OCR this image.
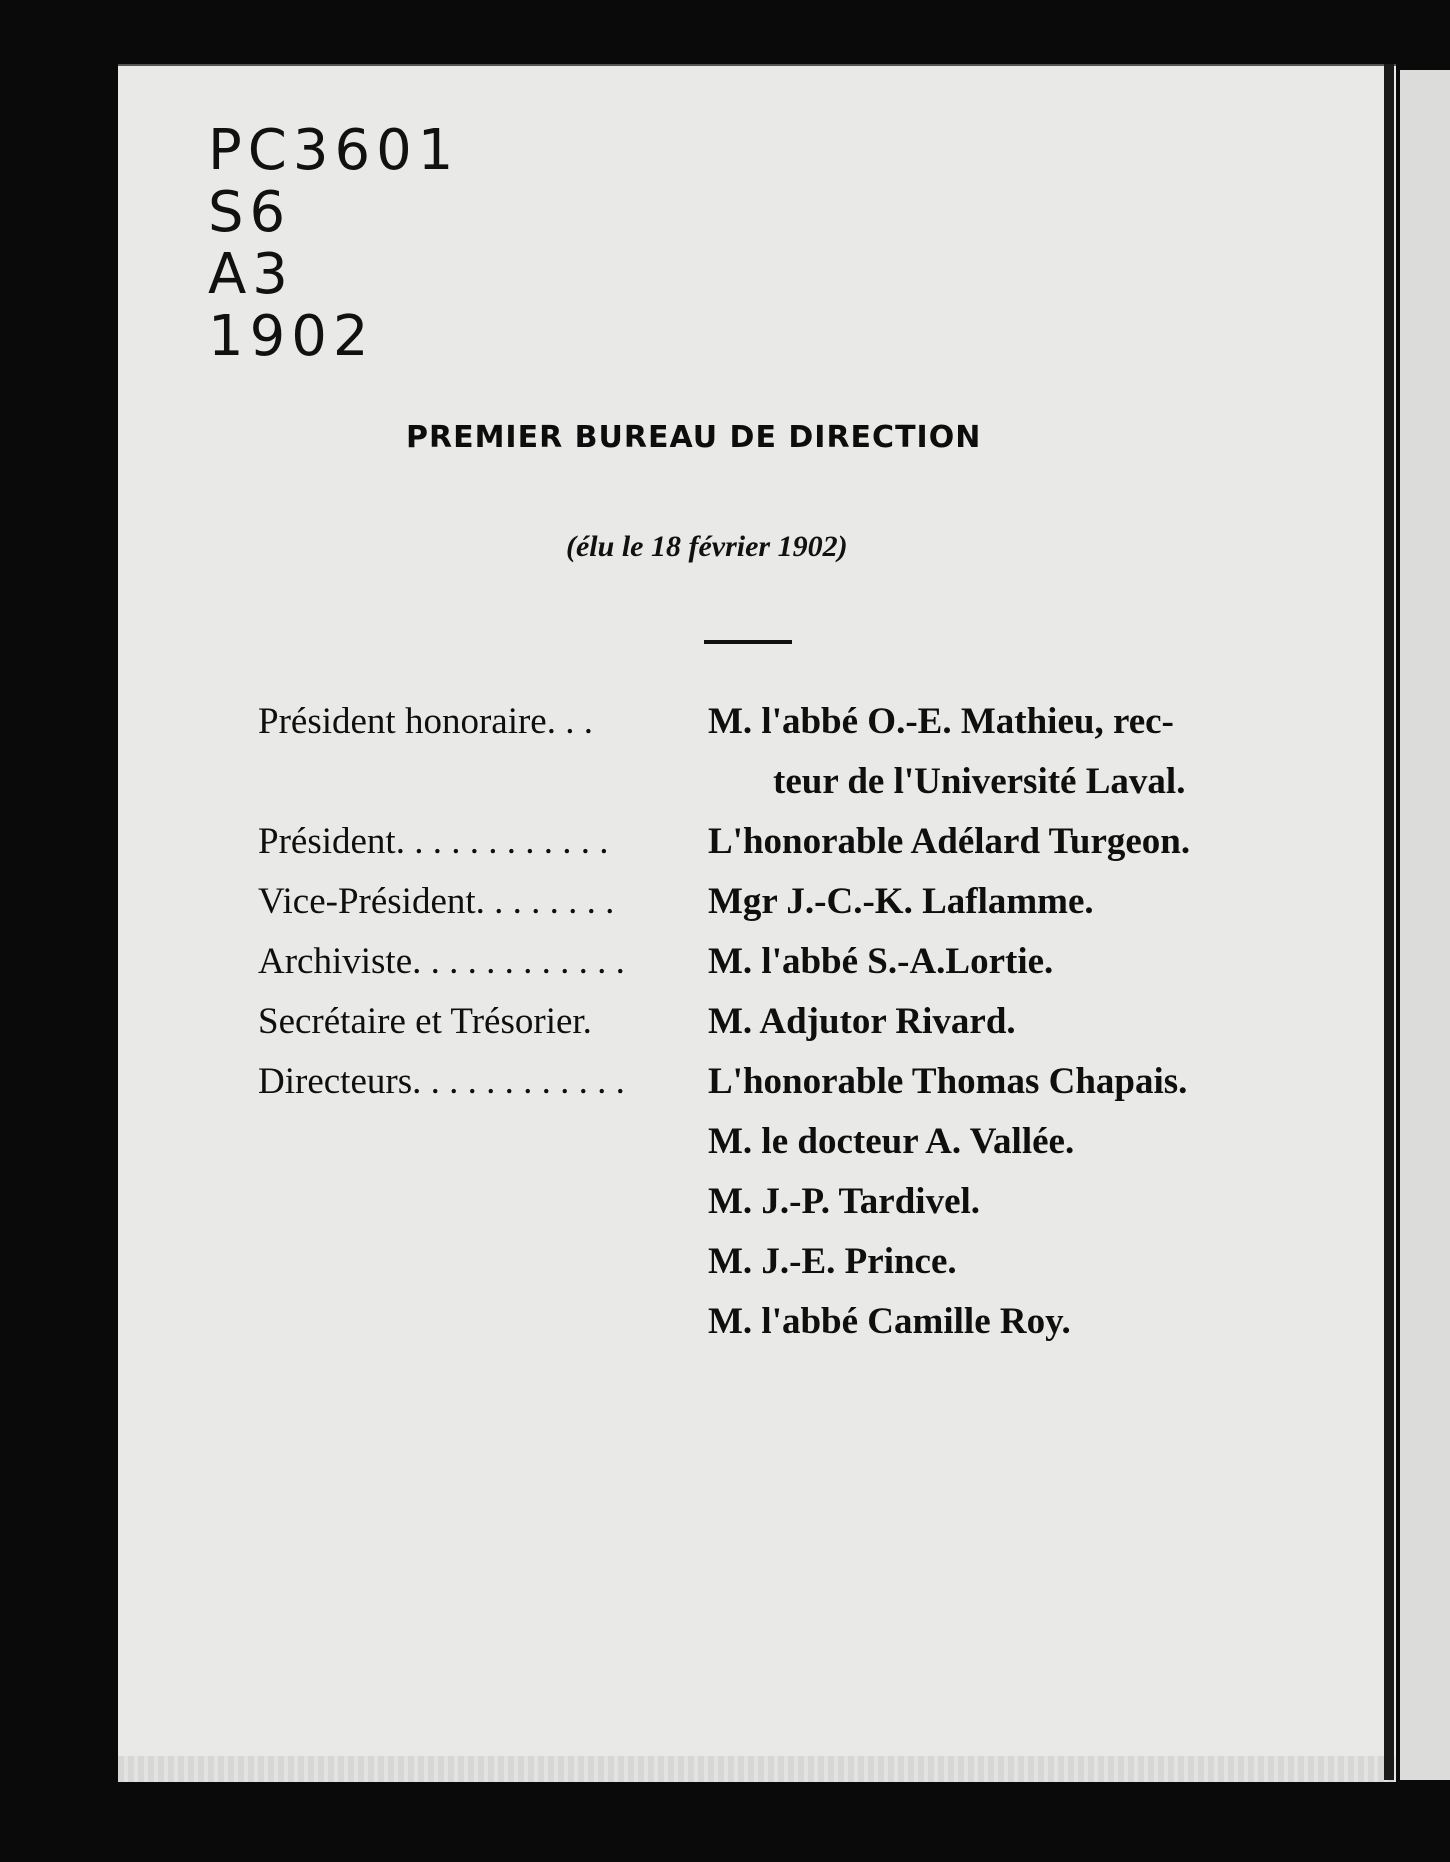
PC3601
S6
A3
1902
PREMIER BUREAU DE DIRECTION
(élu le 18 février 1902)
Président honoraire. . .	M. l'abbé O.-E. Mathieu, rec-
teur de l'Université Laval.
Président. . . . . . . . . . . .	L'honorable Adélard Turgeon.
Vice-Président. . . . . . . .	Mgr J.-C.-K. Laflamme.
Archiviste. . . . . . . . . . . . M. l'abbé S.-A.Lortie.
Secrétaire et Trésorier.	M. Adjutor Rivard.
Directeurs. . . . . . . . . . . . L'honorable Thomas Chapais.
M. le docteur A. Vallée.
M. J.-P. Tardivel.
M. J.-E. Prince.
M. l'abbé Camille Roy.
